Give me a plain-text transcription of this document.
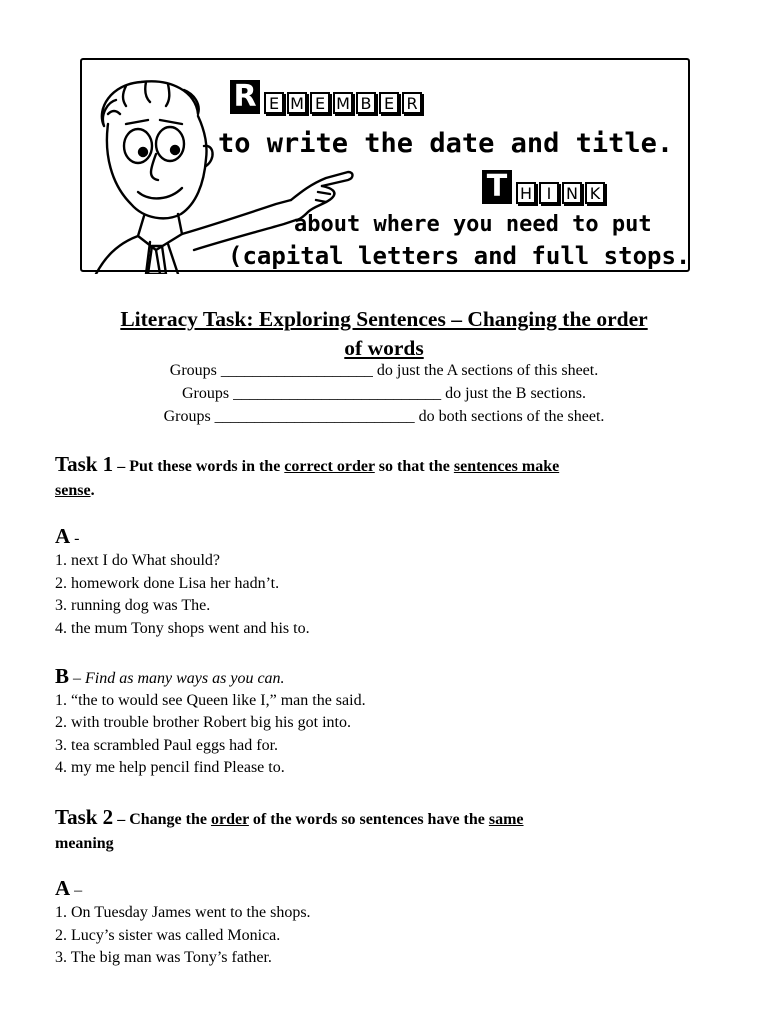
R E M E M B E R
to write the date and title.
T H I N K
about where you need to put
(capital letters and full stops.
Literacy Task: Exploring Sentences – Changing the order
of words
Groups ___________________ do just the A sections of this sheet.
Groups __________________________ do just the B sections.
Groups _________________________ do both sections of the sheet.
Task 1 – Put these words in the correct order so that the sentences make
sense.
A -
1. next I do What should?
2. homework done Lisa her hadn’t.
3. running dog was The.
4. the mum Tony shops went and his to.
B – Find as many ways as you can.
1. “the to would see Queen like I,” man the said.
2. with trouble brother Robert big his got into.
3. tea scrambled Paul eggs had for.
4. my me help pencil find Please to.
Task 2 – Change the order of the words so sentences have the same
meaning
A –
1. On Tuesday James went to the shops.
2. Lucy’s sister was called Monica.
3. The big man was Tony’s father.
